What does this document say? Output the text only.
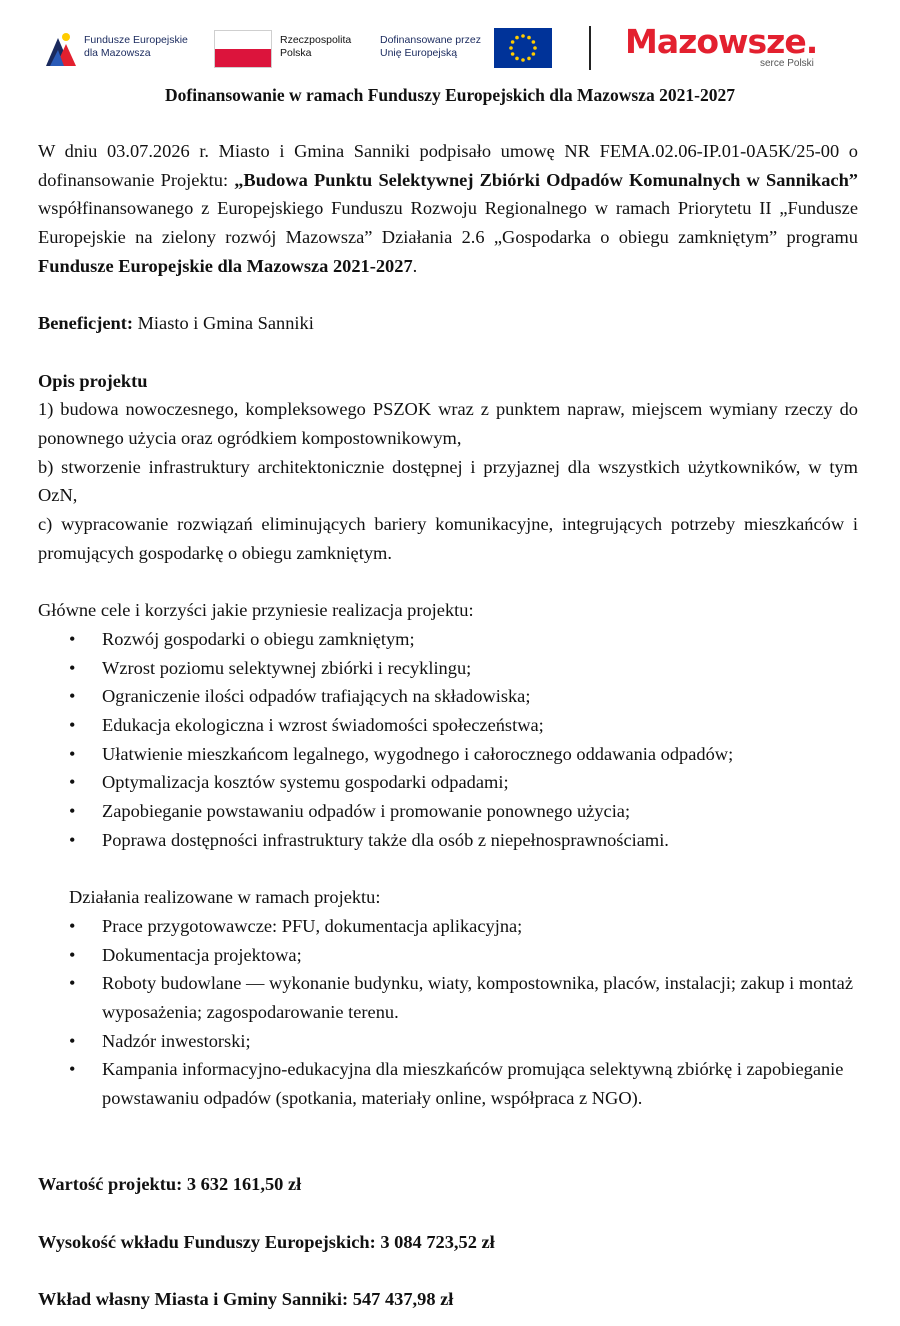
Fundusze Europejskie
dla Mazowsza
Rzeczpospolita
Polska
Dofinansowane przez
Unię Europejską	Mazowsze.
serce Polski
Dofinansowanie w ramach Funduszy Europejskich dla Mazowsza 2021-2027

W dniu 03.07.2026 r. Miasto i Gmina Sanniki podpisało umowę NR FEMA.02.06-IP.01-0A5K/25-00 o dofinansowanie Projektu: „Budowa Punktu Selektywnej Zbiórki Odpadów Komunalnych w Sannikach” współfinansowanego z Europejskiego Funduszu Rozwoju Regionalnego w ramach Priorytetu II „Fundusze Europejskie na zielony rozwój Mazowsza” Działania 2.6 „Gospodarka o obiegu zamkniętym” programu Fundusze Europejskie dla Mazowsza 2021-2027.

Beneficjent: Miasto i Gmina Sanniki

Opis projektu

1) budowa nowoczesnego, kompleksowego PSZOK wraz z punktem napraw, miejscem wymiany rzeczy do ponownego użycia oraz ogródkiem kompostownikowym,

b) stworzenie infrastruktury architektonicznie dostępnej i przyjaznej dla wszystkich użytkowników, w tym OzN,

c) wypracowanie rozwiązań eliminujących bariery komunikacyjne, integrujących potrzeby mieszkańców i promujących gospodarkę o obiegu zamkniętym.

Główne cele i korzyści jakie przyniesie realizacja projektu:

• Rozwój gospodarki o obiegu zamkniętym;
• Wzrost poziomu selektywnej zbiórki i recyklingu;
• Ograniczenie ilości odpadów trafiających na składowiska;
• Edukacja ekologiczna i wzrost świadomości społeczeństwa;
• Ułatwienie mieszkańcom legalnego, wygodnego i całorocznego oddawania odpadów;
• Optymalizacja kosztów systemu gospodarki odpadami;
• Zapobieganie powstawaniu odpadów i promowanie ponownego użycia;
• Poprawa dostępności infrastruktury także dla osób z niepełnosprawnościami.

Działania realizowane w ramach projektu:

• Prace przygotowawcze: PFU, dokumentacja aplikacyjna;
• Dokumentacja projektowa;
• Roboty budowlane — wykonanie budynku, wiaty, kompostownika, placów, instalacji; zakup i montaż wyposażenia; zagospodarowanie terenu.
• Nadzór inwestorski;
• Kampania informacyjno-edukacyjna dla mieszkańców promująca selektywną zbiórkę i zapobieganie powstawaniu odpadów (spotkania, materiały online, współpraca z NGO).

Wartość projektu: 3 632 161,50 zł

Wysokość wkładu Funduszy Europejskich: 3 084 723,52 zł

Wkład własny Miasta i Gminy Sanniki: 547 437,98 zł
